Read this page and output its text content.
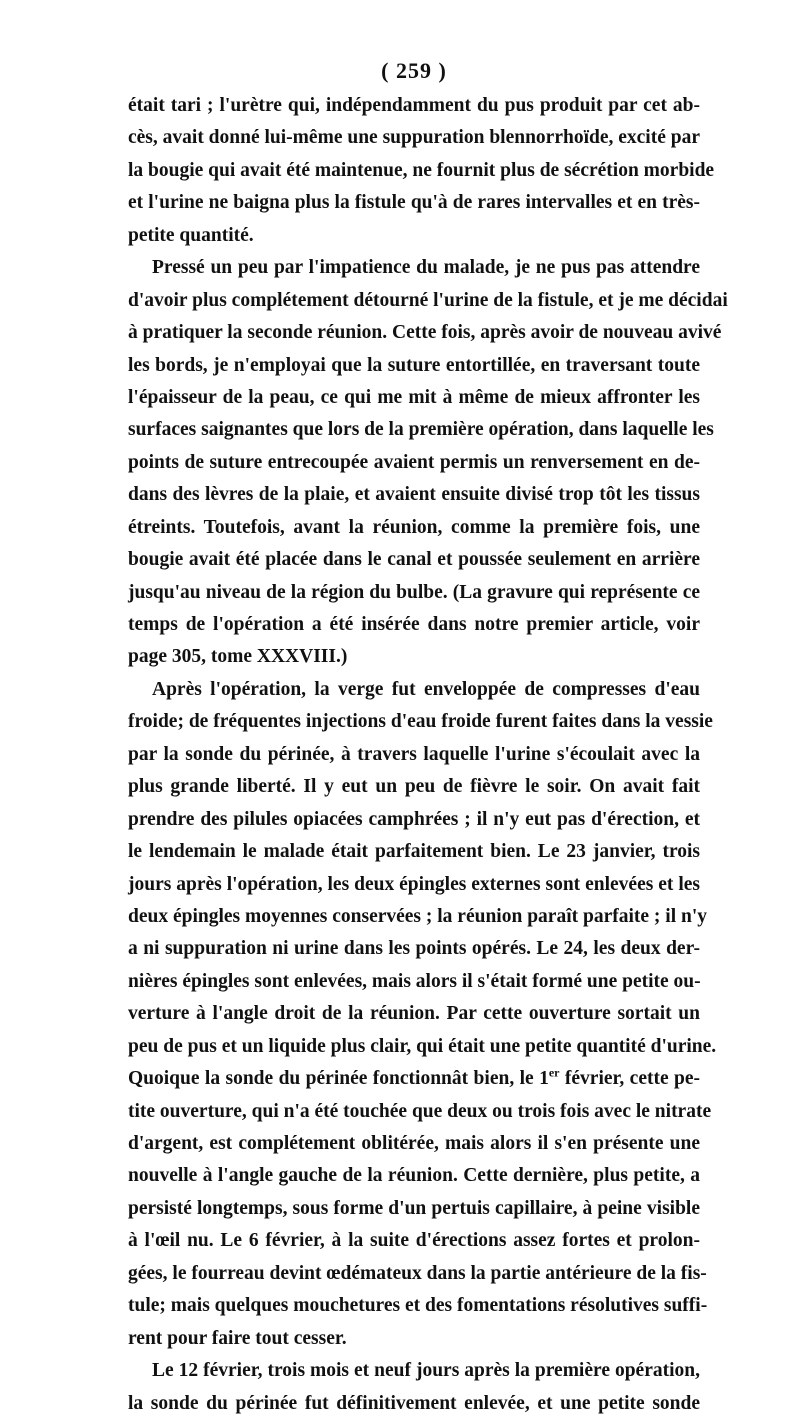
( 259 )
était tari ; l'urètre qui, indépendamment du pus produit par cet ab-
cès, avait donné lui-même une suppuration blennorrhoïde, excité par
la bougie qui avait été maintenue, ne fournit plus de sécrétion morbide
et l'urine ne baigna plus la fistule qu'à de rares intervalles et en très-
petite quantité.
Pressé un peu par l'impatience du malade, je ne pus pas attendre
d'avoir plus complétement détourné l'urine de la fistule, et je me décidai
à pratiquer la seconde réunion. Cette fois, après avoir de nouveau avivé
les bords, je n'employai que la suture entortillée, en traversant toute
l'épaisseur de la peau, ce qui me mit à même de mieux affronter les
surfaces saignantes que lors de la première opération, dans laquelle les
points de suture entrecoupée avaient permis un renversement en de-
dans des lèvres de la plaie, et avaient ensuite divisé trop tôt les tissus
étreints. Toutefois, avant la réunion, comme la première fois, une
bougie avait été placée dans le canal et poussée seulement en arrière
jusqu'au niveau de la région du bulbe. (La gravure qui représente ce
temps de l'opération a été insérée dans notre premier article, voir
page 305, tome XXXVIII.)
Après l'opération, la verge fut enveloppée de compresses d'eau
froide; de fréquentes injections d'eau froide furent faites dans la vessie
par la sonde du périnée, à travers laquelle l'urine s'écoulait avec la
plus grande liberté. Il y eut un peu de fièvre le soir. On avait fait
prendre des pilules opiacées camphrées ; il n'y eut pas d'érection, et
le lendemain le malade était parfaitement bien. Le 23 janvier, trois
jours après l'opération, les deux épingles externes sont enlevées et les
deux épingles moyennes conservées ; la réunion paraît parfaite ; il n'y
a ni suppuration ni urine dans les points opérés. Le 24, les deux der-
nières épingles sont enlevées, mais alors il s'était formé une petite ou-
verture à l'angle droit de la réunion. Par cette ouverture sortait un
peu de pus et un liquide plus clair, qui était une petite quantité d'urine.
Quoique la sonde du périnée fonctionnât bien, le 1er février, cette pe-
tite ouverture, qui n'a été touchée que deux ou trois fois avec le nitrate
d'argent, est complétement oblitérée, mais alors il s'en présente une
nouvelle à l'angle gauche de la réunion. Cette dernière, plus petite, a
persisté longtemps, sous forme d'un pertuis capillaire, à peine visible
à l'œil nu. Le 6 février, à la suite d'érections assez fortes et prolon-
gées, le fourreau devint œdémateux dans la partie antérieure de la fis-
tule; mais quelques mouchetures et des fomentations résolutives suffi-
rent pour faire tout cesser.
Le 12 février, trois mois et neuf jours après la première opération,
la sonde du périnée fut définitivement enlevée, et une petite sonde
